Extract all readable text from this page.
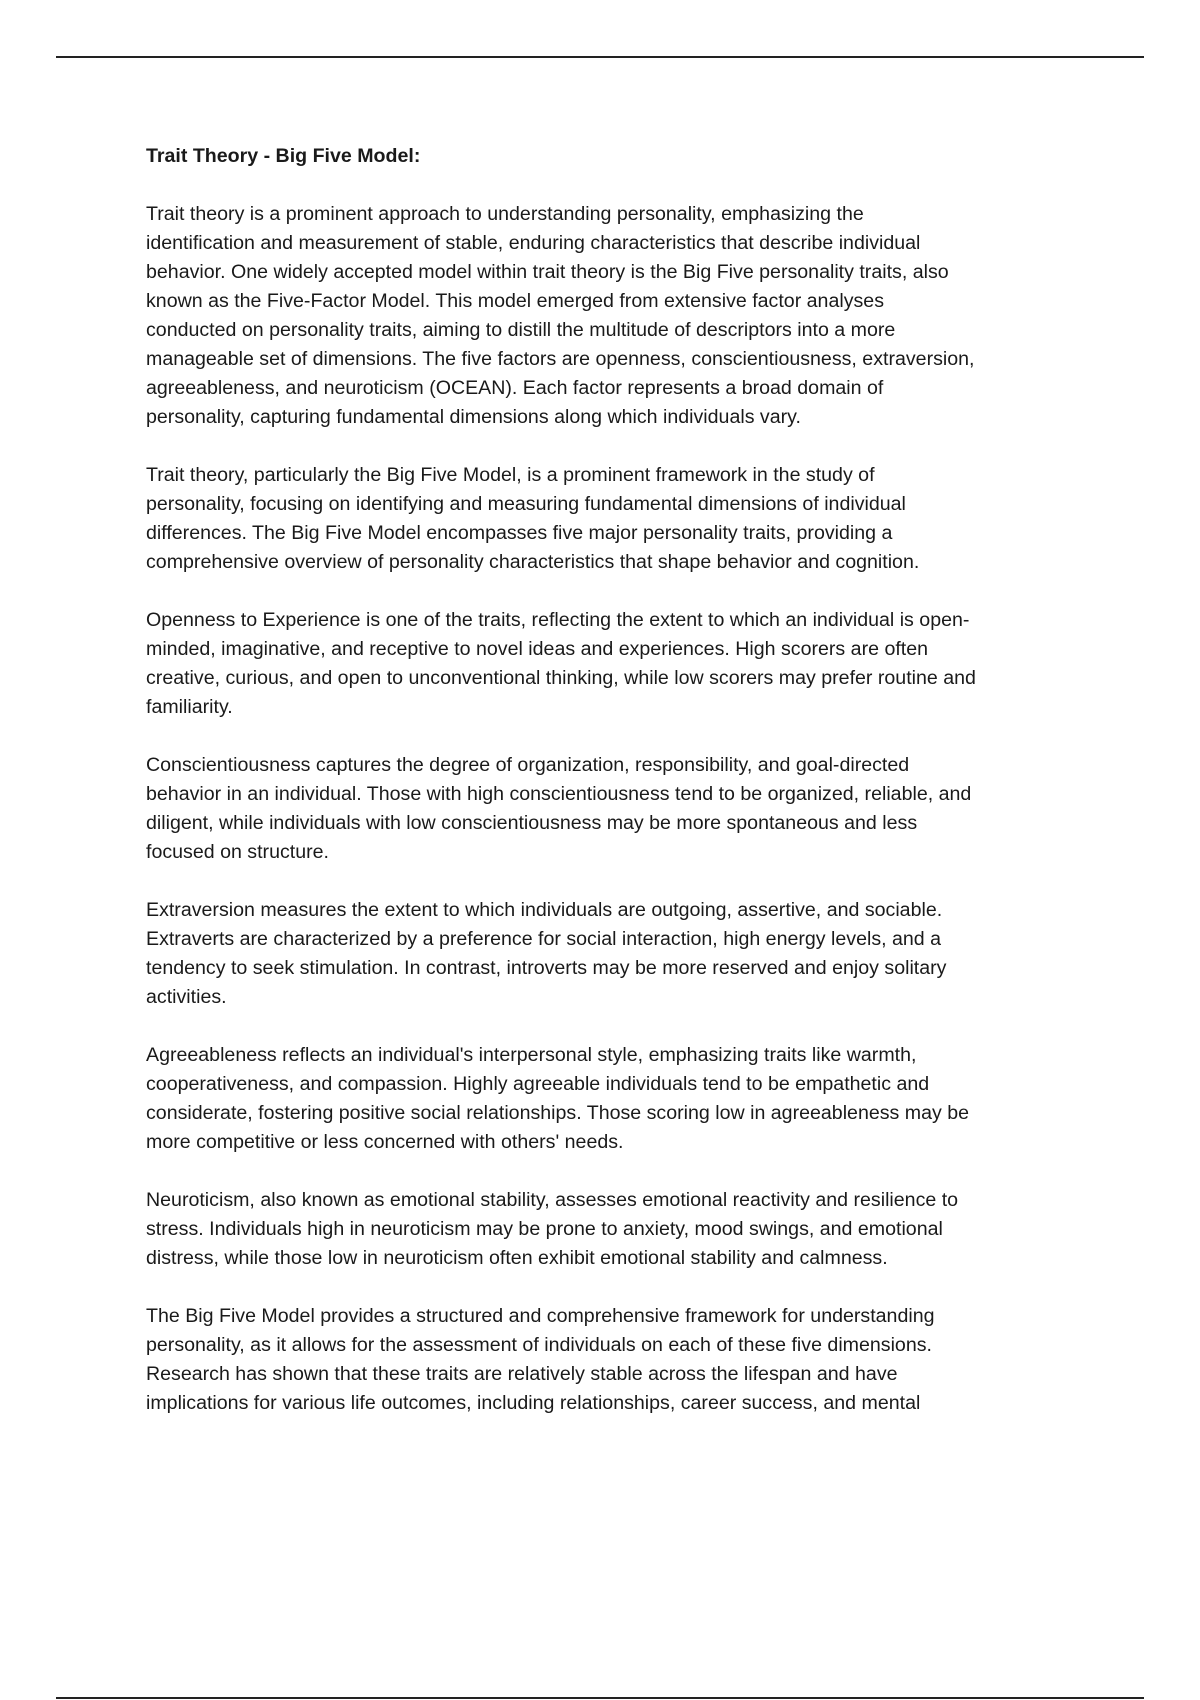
Trait Theory - Big Five Model:
Trait theory is a prominent approach to understanding personality, emphasizing the
identification and measurement of stable, enduring characteristics that describe individual
behavior. One widely accepted model within trait theory is the Big Five personality traits, also
known as the Five-Factor Model. This model emerged from extensive factor analyses
conducted on personality traits, aiming to distill the multitude of descriptors into a more
manageable set of dimensions. The five factors are openness, conscientiousness, extraversion,
agreeableness, and neuroticism (OCEAN). Each factor represents a broad domain of
personality, capturing fundamental dimensions along which individuals vary.
Trait theory, particularly the Big Five Model, is a prominent framework in the study of
personality, focusing on identifying and measuring fundamental dimensions of individual
differences. The Big Five Model encompasses five major personality traits, providing a
comprehensive overview of personality characteristics that shape behavior and cognition.
Openness to Experience is one of the traits, reflecting the extent to which an individual is open-
minded, imaginative, and receptive to novel ideas and experiences. High scorers are often
creative, curious, and open to unconventional thinking, while low scorers may prefer routine and
familiarity.
Conscientiousness captures the degree of organization, responsibility, and goal-directed
behavior in an individual. Those with high conscientiousness tend to be organized, reliable, and
diligent, while individuals with low conscientiousness may be more spontaneous and less
focused on structure.
Extraversion measures the extent to which individuals are outgoing, assertive, and sociable.
Extraverts are characterized by a preference for social interaction, high energy levels, and a
tendency to seek stimulation. In contrast, introverts may be more reserved and enjoy solitary
activities.
Agreeableness reflects an individual's interpersonal style, emphasizing traits like warmth,
cooperativeness, and compassion. Highly agreeable individuals tend to be empathetic and
considerate, fostering positive social relationships. Those scoring low in agreeableness may be
more competitive or less concerned with others' needs.
Neuroticism, also known as emotional stability, assesses emotional reactivity and resilience to
stress. Individuals high in neuroticism may be prone to anxiety, mood swings, and emotional
distress, while those low in neuroticism often exhibit emotional stability and calmness.
The Big Five Model provides a structured and comprehensive framework for understanding
personality, as it allows for the assessment of individuals on each of these five dimensions.
Research has shown that these traits are relatively stable across the lifespan and have
implications for various life outcomes, including relationships, career success, and mental
